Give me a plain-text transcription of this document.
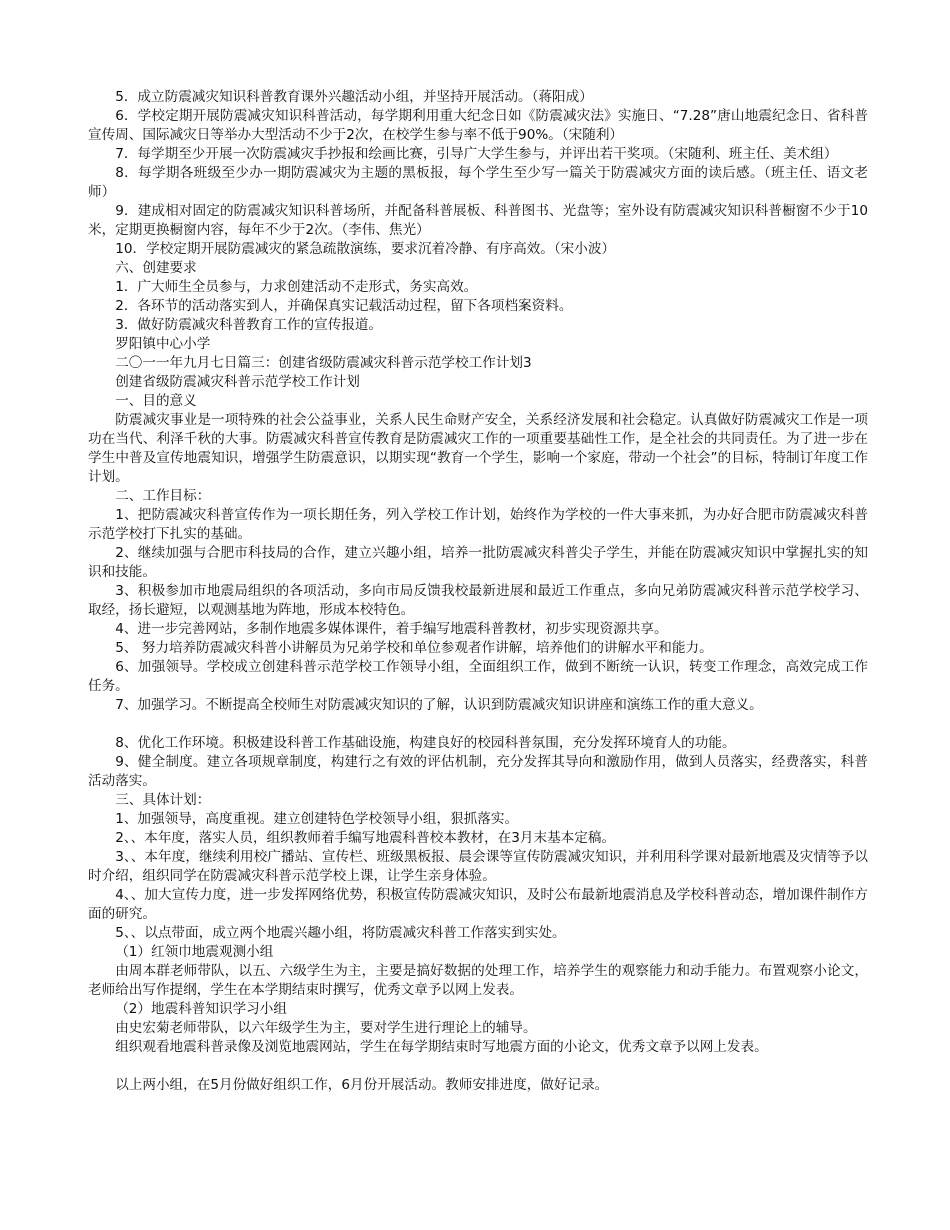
5．成立防震减灾知识科普教育课外兴趣活动小组，并坚持开展活动。（蒋阳成）

6．学校定期开展防震减灾知识科普活动，每学期利用重大纪念日如《防震减灾法》实施日、“7.28”唐山地震纪念日、省科普宣传周、国际减灾日等举办大型活动不少于2次，在校学生参与率不低于90%。（宋随利）

7．每学期至少开展一次防震减灾手抄报和绘画比赛，引导广大学生参与，并评出若干奖项。（宋随利、班主任、美术组）

8．每学期各班级至少办一期防震减灾为主题的黑板报，每个学生至少写一篇关于防震减灾方面的读后感。（班主任、语文老师）

9．建成相对固定的防震减灾知识科普场所，并配备科普展板、科普图书、光盘等；室外设有防震减灾知识科普橱窗不少于10米，定期更换橱窗内容，每年不少于2次。（李伟、焦光）

10．学校定期开展防震减灾的紧急疏散演练，要求沉着冷静、有序高效。（宋小波）

六、创建要求

1．广大师生全员参与，力求创建活动不走形式，务实高效。

2．各环节的活动落实到人，并确保真实记载活动过程，留下各项档案资料。

3．做好防震减灾科普教育工作的宣传报道。

罗阳镇中心小学

二〇一一年九月七日篇三：创建省级防震减灾科普示范学校工作计划3

创建省级防震减灾科普示范学校工作计划

一、目的意义

防震减灾事业是一项特殊的社会公益事业，关系人民生命财产安全，关系经济发展和社会稳定。认真做好防震减灾工作是一项功在当代、利泽千秋的大事。防震减灾科普宣传教育是防震减灾工作的一项重要基础性工作，是全社会的共同责任。为了进一步在学生中普及宣传地震知识，增强学生防震意识，以期实现“教育一个学生，影响一个家庭，带动一个社会”的目标，特制订年度工作计划。

二、工作目标：

1、把防震减灾科普宣传作为一项长期任务，列入学校工作计划，始终作为学校的一件大事来抓，为办好合肥市防震减灾科普示范学校打下扎实的基础。

2、继续加强与合肥市科技局的合作，建立兴趣小组，培养一批防震减灾科普尖子学生，并能在防震减灾知识中掌握扎实的知识和技能。

3、积极参加市地震局组织的各项活动，多向市局反馈我校最新进展和最近工作重点，多向兄弟防震减灾科普示范学校学习、取经，扬长避短，以观测基地为阵地，形成本校特色。

4、进一步完善网站，多制作地震多媒体课件，着手编写地震科普教材，初步实现资源共享。

5、 努力培养防震减灾科普小讲解员为兄弟学校和单位参观者作讲解，培养他们的讲解水平和能力。

6、加强领导。学校成立创建科普示范学校工作领导小组，全面组织工作，做到不断统一认识，转变工作理念，高效完成工作任务。

7、加强学习。不断提高全校师生对防震减灾知识的了解，认识到防震减灾知识讲座和演练工作的重大意义。

8、优化工作环境。积极建设科普工作基础设施，构建良好的校园科普氛围，充分发挥环境育人的功能。

9、健全制度。建立各项规章制度，构建行之有效的评估机制，充分发挥其导向和激励作用，做到人员落实，经费落实，科普活动落实。

三、具体计划：

1、加强领导，高度重视。建立创建特色学校领导小组，狠抓落实。

2、、本年度，落实人员，组织教师着手编写地震科普校本教材，在3月末基本定稿。

3、、本年度，继续利用校广播站、宣传栏、班级黑板报、晨会课等宣传防震减灾知识，并利用科学课对最新地震及灾情等予以时介绍，组织同学在防震减灾科普示范学校上课，让学生亲身体验。

4、、加大宣传力度，进一步发挥网络优势，积极宣传防震减灾知识，及时公布最新地震消息及学校科普动态，增加课件制作方面的研究。

5、、以点带面，成立两个地震兴趣小组，将防震减灾科普工作落实到实处。

（1）红领巾地震观测小组

由周本群老师带队，以五、六级学生为主，主要是搞好数据的处理工作，培养学生的观察能力和动手能力。布置观察小论文，老师给出写作提纲，学生在本学期结束时撰写，优秀文章予以网上发表。

（2）地震科普知识学习小组

由史宏菊老师带队，以六年级学生为主，要对学生进行理论上的辅导。

组织观看地震科普录像及浏览地震网站，学生在每学期结束时写地震方面的小论文，优秀文章予以网上发表。

以上两小组，在5月份做好组织工作，6月份开展活动。教师安排进度，做好记录。
